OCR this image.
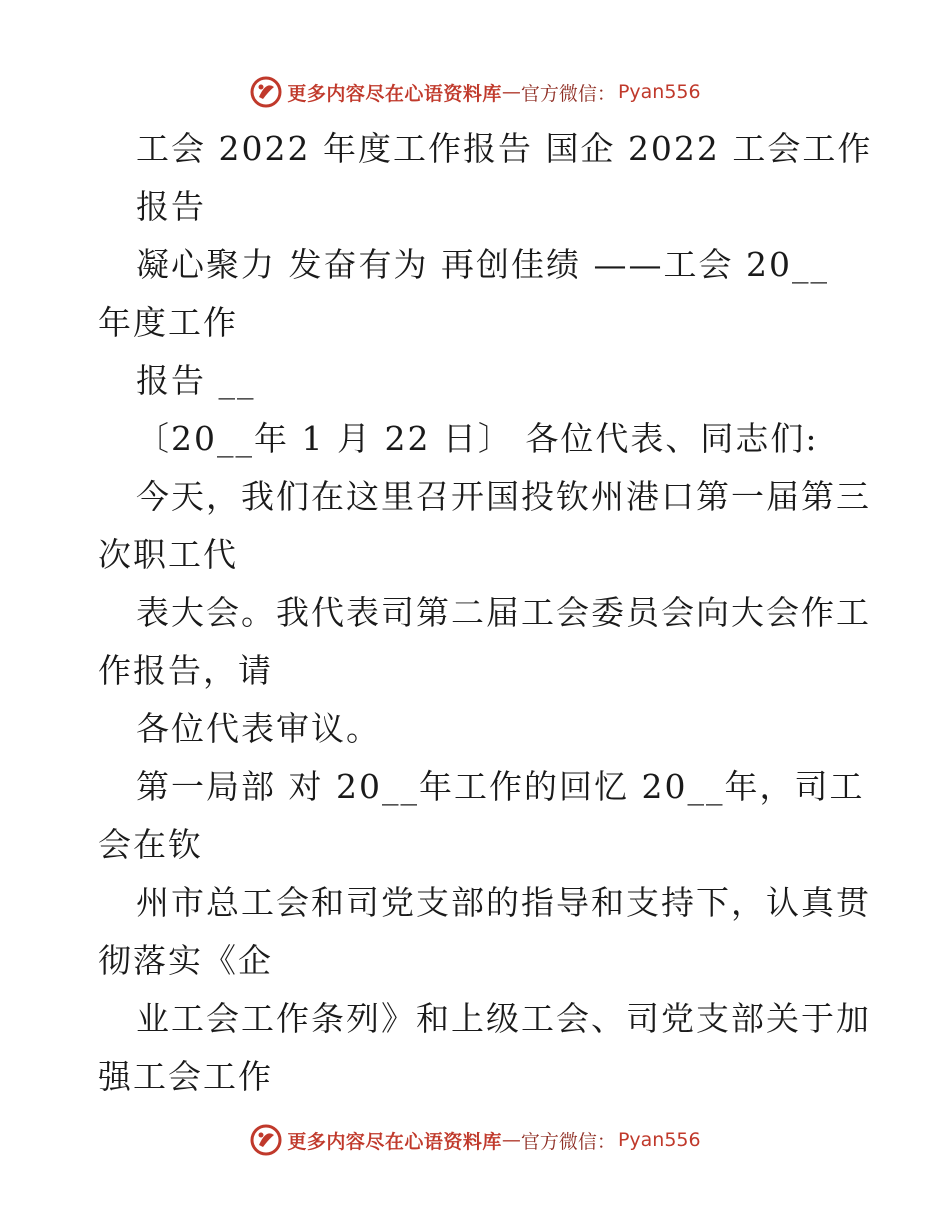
更多内容尽在心语资料库 — 官方微信： Pyan556
工会 2022 年度工作报告 国企 2022 工会工作
报告
凝心聚力 发奋有为 再创佳绩 ——工会 20__
年度工作
报告 __
〔20__年 1 月 22 日〕 各位代表、同志们:
今天，我们在这里召开国投钦州港口第一届第三
次职工代
表大会。我代表司第二届工会委员会向大会作工
作报告，请
各位代表审议。
第一局部 对 20__年工作的回忆 20__年，司工
会在钦
州市总工会和司党支部的指导和支持下，认真贯
彻落实《企
业工会工作条列》和上级工会、司党支部关于加
强工会工作
更多内容尽在心语资料库 — 官方微信： Pyan556
